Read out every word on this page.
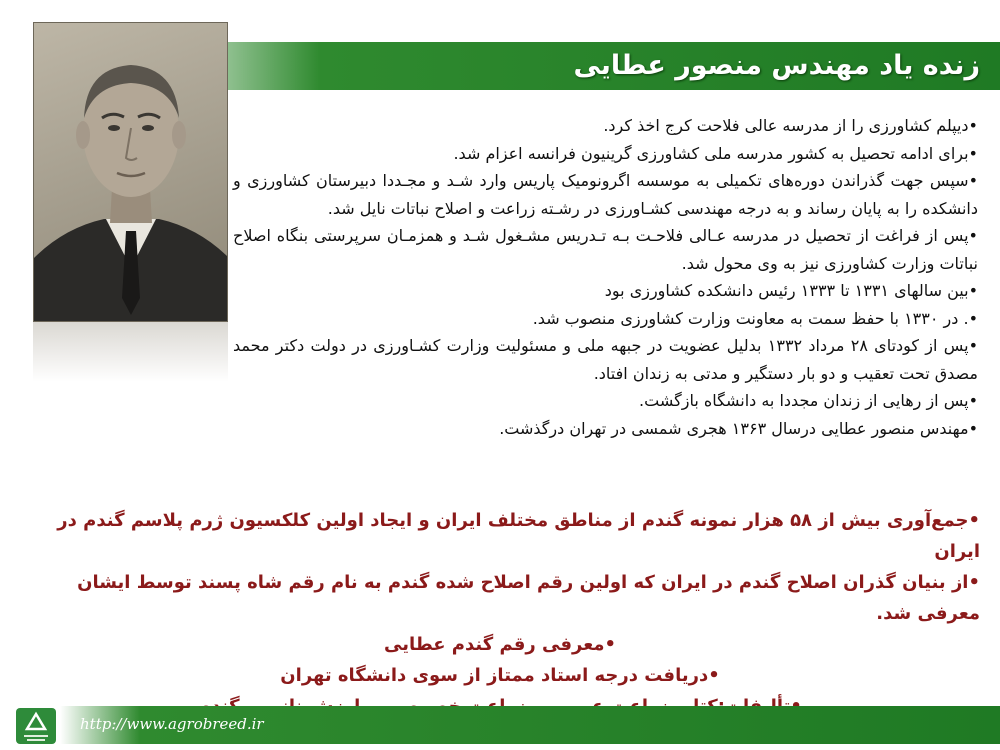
زنده یاد مهندس منصور عطایی

•دیپلم کشاورزی را از مدرسه عالی فلاحت کرج اخذ کرد.

•برای ادامه تحصیل به کشور مدرسه ملی کشاورزی گرینیون فرانسه اعزام شد.

•سپس جهت گذراندن دوره‌های تکمیلی به موسسه اگرونومیک پاریس وارد شـد و مجـددا دبیرستان کشاورزی و دانشکده را به پایان رساند و به درجه مهندسی کشـاورزی در رشـته زراعت و اصلاح نباتات نایل شد.

•پس از فراغت از تحصیل در مدرسه عـالی فلاحـت بـه تـدریس مشـغول شـد و همزمـان سرپرستی بنگاه اصلاح نباتات وزارت کشاورزی نیز به وی محول شد.

•بین سالهای ۱۳۳۱ تا ۱۳۳۳ رئیس دانشکده کشاورزی بود

•. در ۱۳۳۰ با حفظ سمت به معاونت وزارت کشاورزی منصوب شد.

•پس از کودتای ۲۸ مرداد ۱۳۳۲ بدلیل عضویت در جبهه ملی و مسئولیت وزارت کشـاورزی در دولت دکتر محمد مصدق تحت تعقیب و دو بار دستگیر و مدتی به زندان افتاد.

•پس از رهایی از زندان مجددا به دانشگاه بازگشت.

•مهندس منصور عطایی درسال ۱۳۶۳ هجری شمسی در تهران درگذشت.

•جمع‌آوری بیش از ۵۸ هزار نمونه گندم از مناطق مختلف ایران و ایجاد اولین کلکسیون ژرم پلاسم گندم در ایران

•از بنیان گذران اصلاح گندم در ایران که اولین رقم اصلاح شده گندم به نام رقم شاه پسند توسط ایشان معرفی شد.

•معرفی رقم گندم عطایی

•دریافت درجه استاد ممتاز از سوی دانشگاه تهران

http://www.agrobreed.ir
